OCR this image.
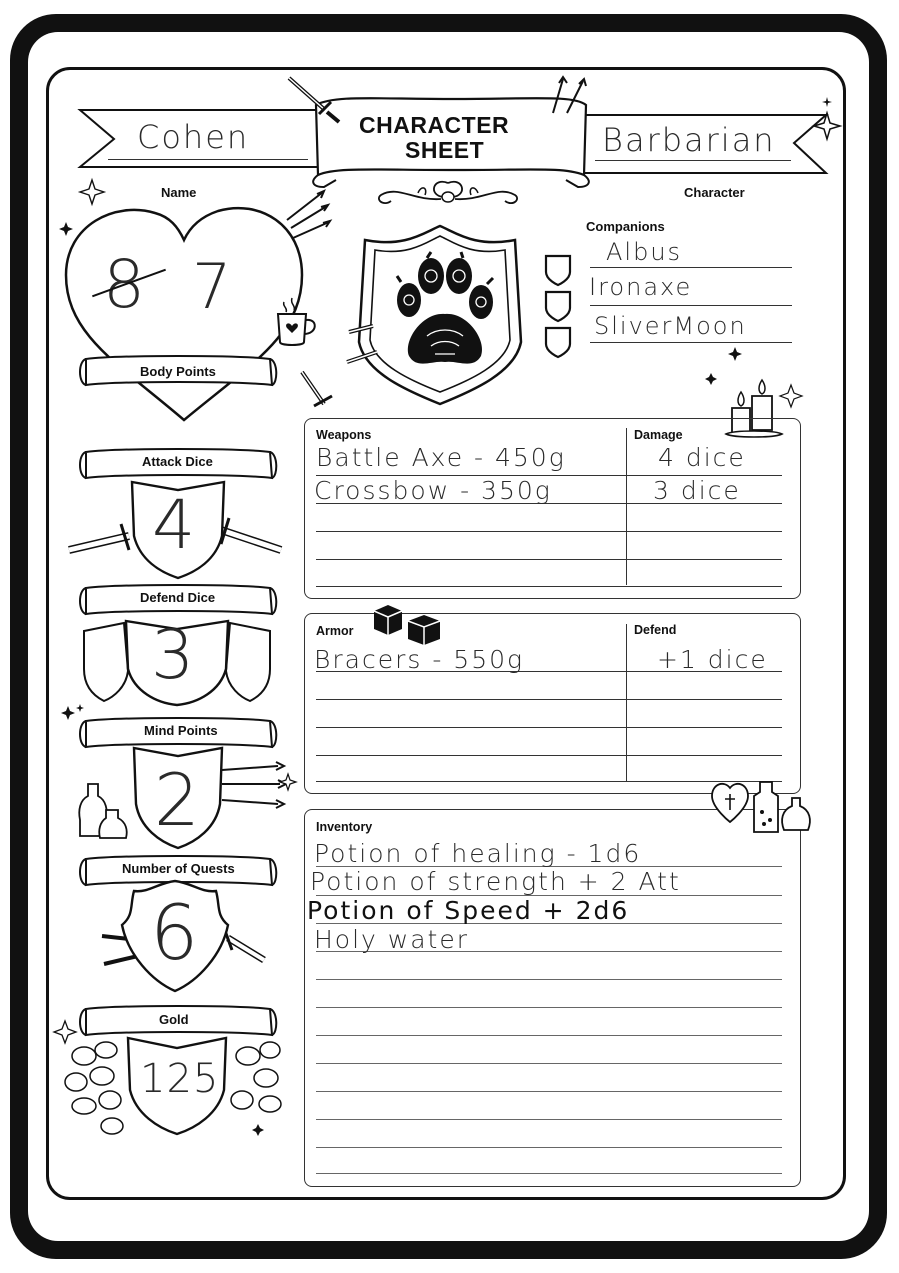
CHARACTER
SHEET
Cohen
Name
Barbarian
Character
8 7
Body Points
Companions
Albus
Ironaxe
SliverMoon
Attack Dice
4
Defend Dice
3
Mind Points
2
Number of Quests
6
Gold
125
Weapons	Damage
Battle Axe - 450g	4 dice
Crossbow - 350g	3 dice
Armor	Defend
Bracers - 550g	+1 dice
Inventory
Potion of healing - 1d6
Potion of strength + 2 Att
Potion of Speed + 2d6
Holy water
